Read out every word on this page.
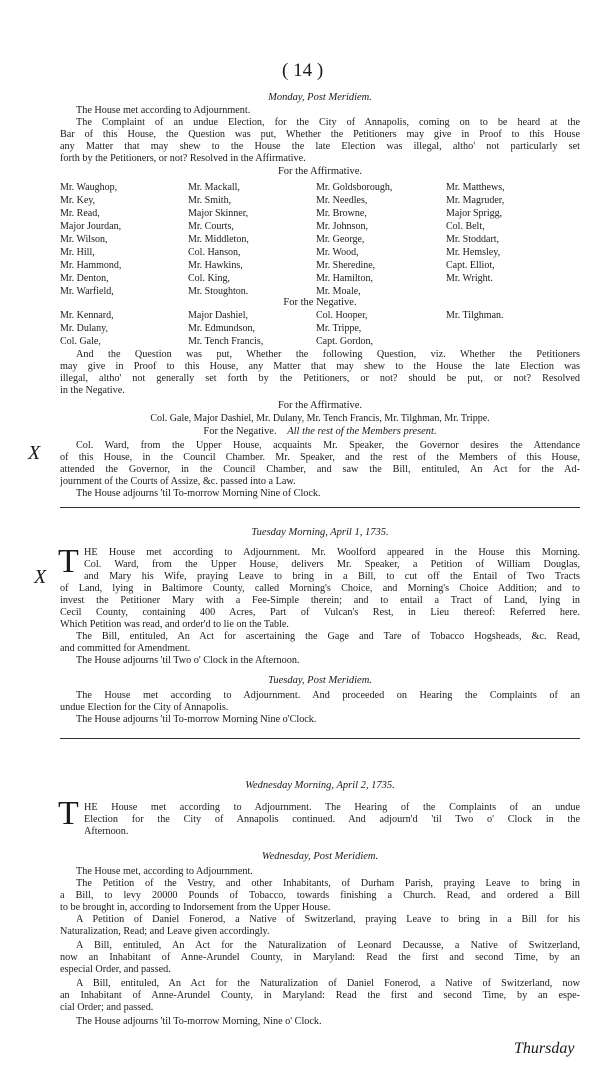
( 14 )
Monday, Post Meridiem.
The House met according to Adjournment.
The Complaint of an undue Election, for the City of Annapolis, coming on to be heard at the
Bar of this House, the Question was put, Whether the Petitioners may give in Proof to this House
any Matter that may shew to the House the late Election was illegal, altho' not particularly set
forth by the Petitioners, or not? Resolved in the Affirmative.
For the Affirmative.
Mr. Waughop,
Mr. Key,
Mr. Read,
Major Jourdan,
Mr. Wilson,
Mr. Hill,
Mr. Hammond,
Mr. Denton,
Mr. Warfield,
Mr. Mackall,
Mr. Smith,
Major Skinner,
Mr. Courts,
Mr. Middleton,
Col. Hanson,
Mr. Hawkins,
Col. King,
Mr. Stoughton.
Mr. Goldsborough,
Mr. Needles,
Mr. Browne,
Mr. Johnson,
Mr. George,
Mr. Wood,
Mr. Sheredine,
Mr. Hamilton,
Mr. Moale,
Mr. Matthews,
Mr. Magruder,
Major Sprigg,
Col. Belt,
Mr. Stoddart,
Mr. Hemsley,
Capt. Elliot,
Mr. Wright.
For the Negative.
Mr. Kennard,
Mr. Dulany,
Col. Gale,
Major Dashiel,
Mr. Edmundson,
Mr. Tench Francis,
Col. Hooper,
Mr. Trippe,
Capt. Gordon,
Mr. Tilghman.
And the Question was put, Whether the following Question, viz. Whether the Petitioners
may give in Proof to this House, any Matter that may shew to the House the late Election was
illegal, altho' not generally set forth by the Petitioners, or not? should be put, or not? Resolved
in the Negative.
For the Affirmative.
Col. Gale, Major Dashiel, Mr. Dulany, Mr. Tench Francis, Mr. Tilghman, Mr. Trippe.
For the Negative. All the rest of the Members present.
X	Col. Ward, from the Upper House, acquaints Mr. Speaker, the Governor desires the Attendance
of this House, in the Council Chamber. Mr. Speaker, and the rest of the Members of this House,
attended the Governor, in the Council Chamber, and saw the Bill, entituled, An Act for the Ad-
journment of the Courts of Assize, &c. passed into a Law.
The House adjourns 'til To-morrow Morning Nine of Clock.
Tuesday Morning, April 1, 1735.
T
X
HE House met according to Adjournment. Mr. Woolford appeared in the House this Morning.
Col. Ward, from the Upper House, delivers Mr. Speaker, a Petition of William Douglas,
and Mary his Wife, praying Leave to bring in a Bill, to cut off the Entail of Two Tracts
of Land, lying in Baltimore County, called Morning's Choice, and Morning's Choice Addition; and to
invest the Petitioner Mary with a Fee-Simple therein; and to entail a Tract of Land, lying in
Cecil County, containing 400 Acres, Part of Vulcan's Rest, in Lieu thereof: Referred here.
Which Petition was read, and order'd to lie on the Table.
The Bill, entituled, An Act for ascertaining the Gage and Tare of Tobacco Hogsheads, &c. Read,
and committed for Amendment.
The House adjourns 'til Two o' Clock in the Afternoon.
Tuesday, Post Meridiem.
The House met according to Adjournment. And proceeded on Hearing the Complaints of an
undue Election for the City of Annapolis.
The House adjourns 'til To-morrow Morning Nine o'Clock.
Wednesday Morning, April 2, 1735.
T HE House met according to Adjournment. The Hearing of the Complaints of an undue
Election for the City of Annapolis continued. And adjourn'd 'til Two o' Clock in the
Afternoon.
Wednesday, Post Meridiem.
The House met, according to Adjournment.
The Petition of the Vestry, and other Inhabitants, of Durham Parish, praying Leave to bring in
a Bill, to levy 20000 Pounds of Tobacco, towards finishing a Church. Read, and ordered a Bill
to be brought in, according to Indorsement from the Upper House.
A Petition of Daniel Fonerod, a Native of Switzerland, praying Leave to bring in a Bill for his
Naturalization, Read; and Leave given accordingly.
A Bill, entituled, An Act for the Naturalization of Leonard Decausse, a Native of Switzerland,
now an Inhabitant of Anne-Arundel County, in Maryland: Read the first and second Time, by an
especial Order, and passed.
A Bill, entituled, An Act for the Naturalization of Daniel Fonerod, a Native of Switzerland, now
an Inhabitant of Anne-Arundel County, in Maryland: Read the first and second Time, by an espe-
cial Order; and passed.
The House adjourns 'til To-morrow Morning, Nine o' Clock.
Thursday
